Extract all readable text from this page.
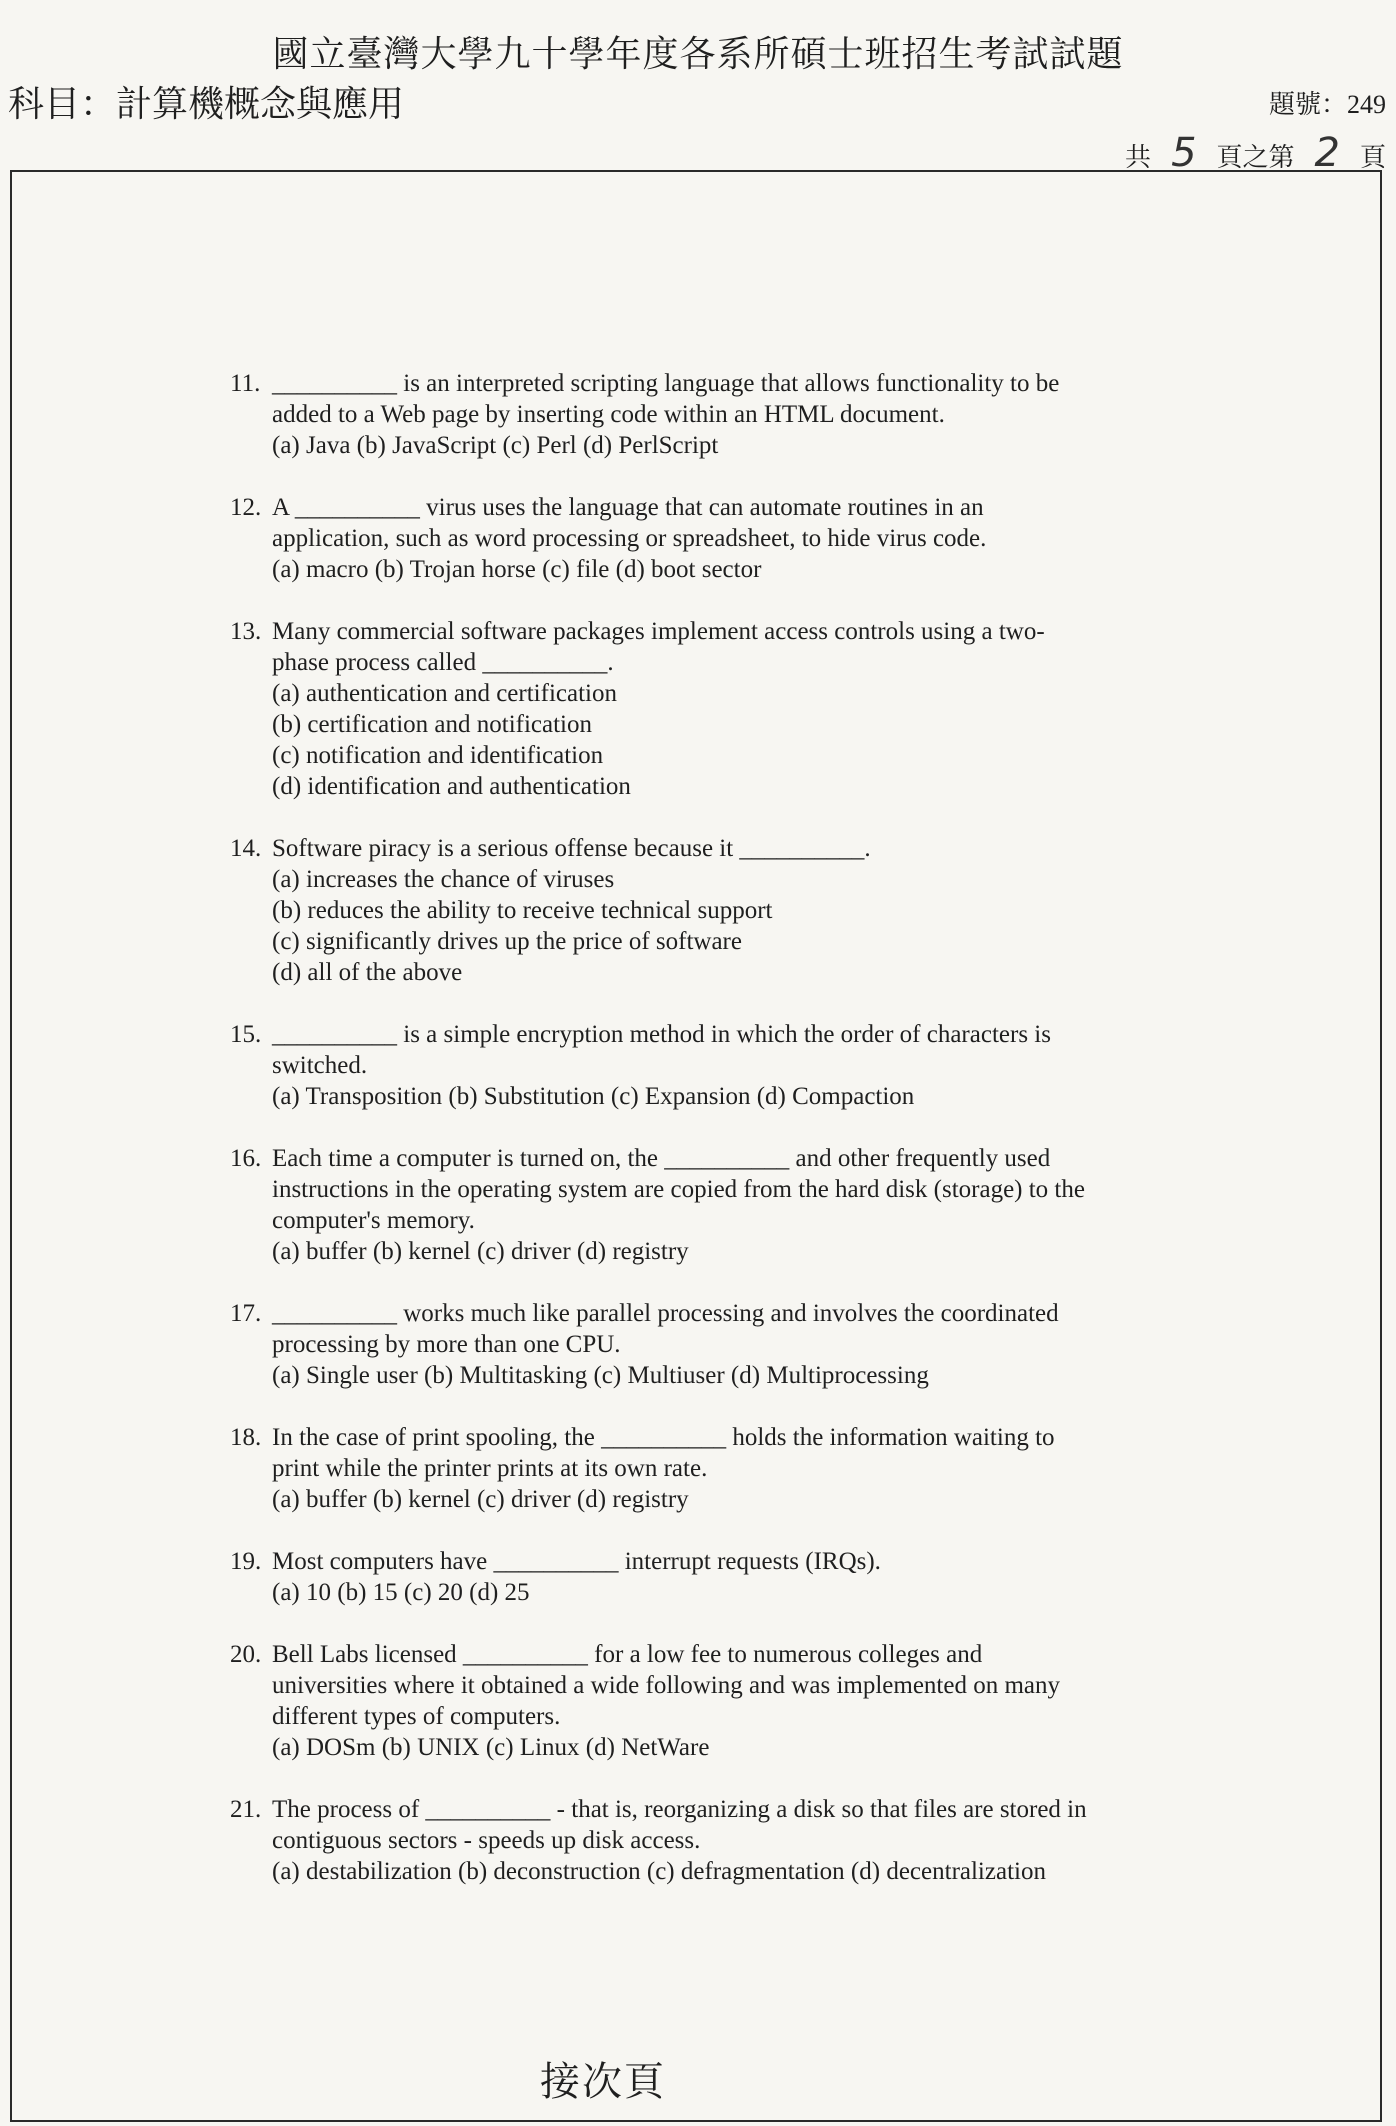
國立臺灣大學九十學年度各系所碩士班招生考試試題
科目：計算機概念與應用	題號：249
共 5 頁之第 2 頁
11. __________ is an interpreted scripting language that allows functionality to be
added to a Web page by inserting code within an HTML document.
(a) Java (b) JavaScript (c) Perl (d) PerlScript
12. A __________ virus uses the language that can automate routines in an
application, such as word processing or spreadsheet, to hide virus code.
(a) macro (b) Trojan horse (c) file (d) boot sector
13. Many commercial software packages implement access controls using a two-
phase process called __________.
(a) authentication and certification
(b) certification and notification
(c) notification and identification
(d) identification and authentication
14. Software piracy is a serious offense because it __________.
(a) increases the chance of viruses
(b) reduces the ability to receive technical support
(c) significantly drives up the price of software
(d) all of the above
15. __________ is a simple encryption method in which the order of characters is
switched.
(a) Transposition (b) Substitution (c) Expansion (d) Compaction
16. Each time a computer is turned on, the __________ and other frequently used
instructions in the operating system are copied from the hard disk (storage) to the
computer's memory.
(a) buffer (b) kernel (c) driver (d) registry
17. __________ works much like parallel processing and involves the coordinated
processing by more than one CPU.
(a) Single user (b) Multitasking (c) Multiuser (d) Multiprocessing
18. In the case of print spooling, the __________ holds the information waiting to
print while the printer prints at its own rate.
(a) buffer (b) kernel (c) driver (d) registry
19. Most computers have __________ interrupt requests (IRQs).
(a) 10 (b) 15 (c) 20 (d) 25
20. Bell Labs licensed __________ for a low fee to numerous colleges and
universities where it obtained a wide following and was implemented on many
different types of computers.
(a) DOSm (b) UNIX (c) Linux (d) NetWare
21. The process of __________ - that is, reorganizing a disk so that files are stored in
contiguous sectors - speeds up disk access.
(a) destabilization (b) deconstruction (c) defragmentation (d) decentralization
接次頁
